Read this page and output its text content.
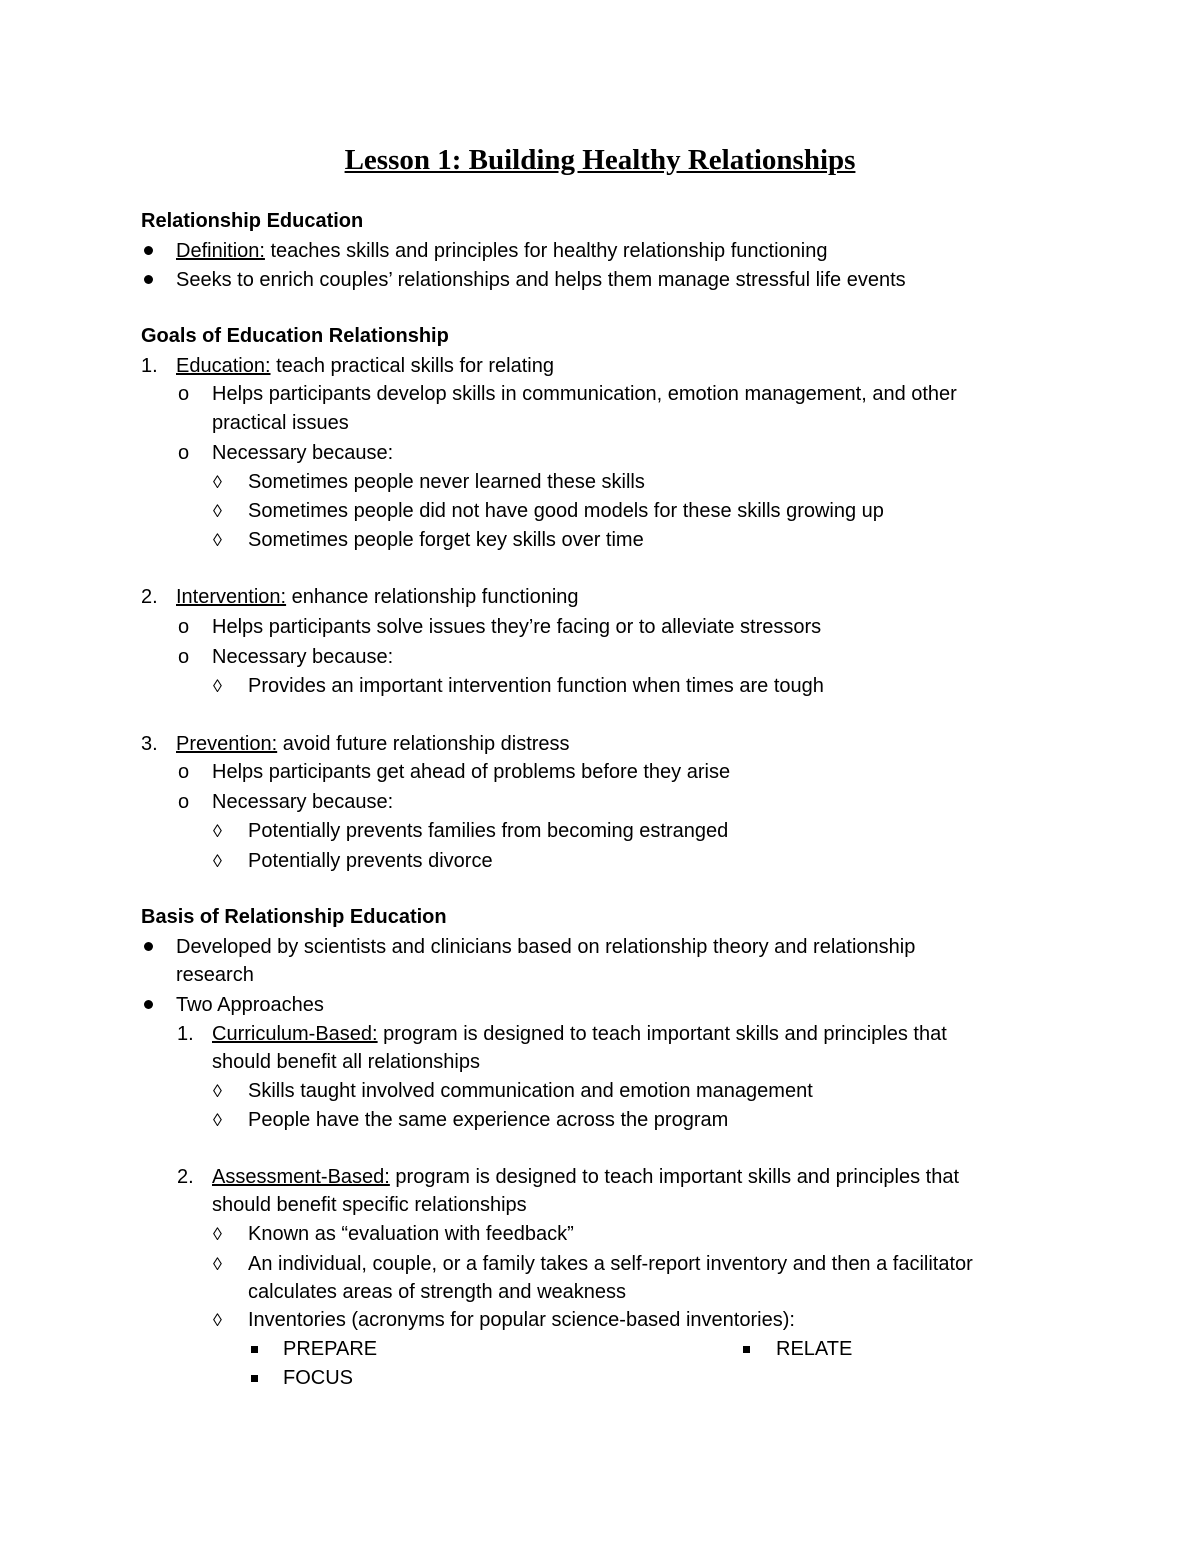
Lesson 1: Building Healthy Relationships
Relationship Education
Definition: teaches skills and principles for healthy relationship functioning
Seeks to enrich couples’ relationships and helps them manage stressful life events
Goals of Education Relationship
1. Education: teach practical skills for relating
o Helps participants develop skills in communication, emotion management, and other
practical issues
o Necessary because:
◊ Sometimes people never learned these skills
◊ Sometimes people did not have good models for these skills growing up
◊ Sometimes people forget key skills over time
2. Intervention: enhance relationship functioning
o Helps participants solve issues they’re facing or to alleviate stressors
o Necessary because:
◊ Provides an important intervention function when times are tough
3. Prevention: avoid future relationship distress
o Helps participants get ahead of problems before they arise
o Necessary because:
◊ Potentially prevents families from becoming estranged
◊ Potentially prevents divorce
Basis of Relationship Education
Developed by scientists and clinicians based on relationship theory and relationship
research
Two Approaches
1. Curriculum-Based: program is designed to teach important skills and principles that
should benefit all relationships
◊ Skills taught involved communication and emotion management
◊ People have the same experience across the program
2. Assessment-Based: program is designed to teach important skills and principles that
should benefit specific relationships
◊ Known as “evaluation with feedback”
◊ An individual, couple, or a family takes a self-report inventory and then a facilitator
calculates areas of strength and weakness
◊ Inventories (acronyms for popular science-based inventories):
PREPARE	RELATE
FOCUS
